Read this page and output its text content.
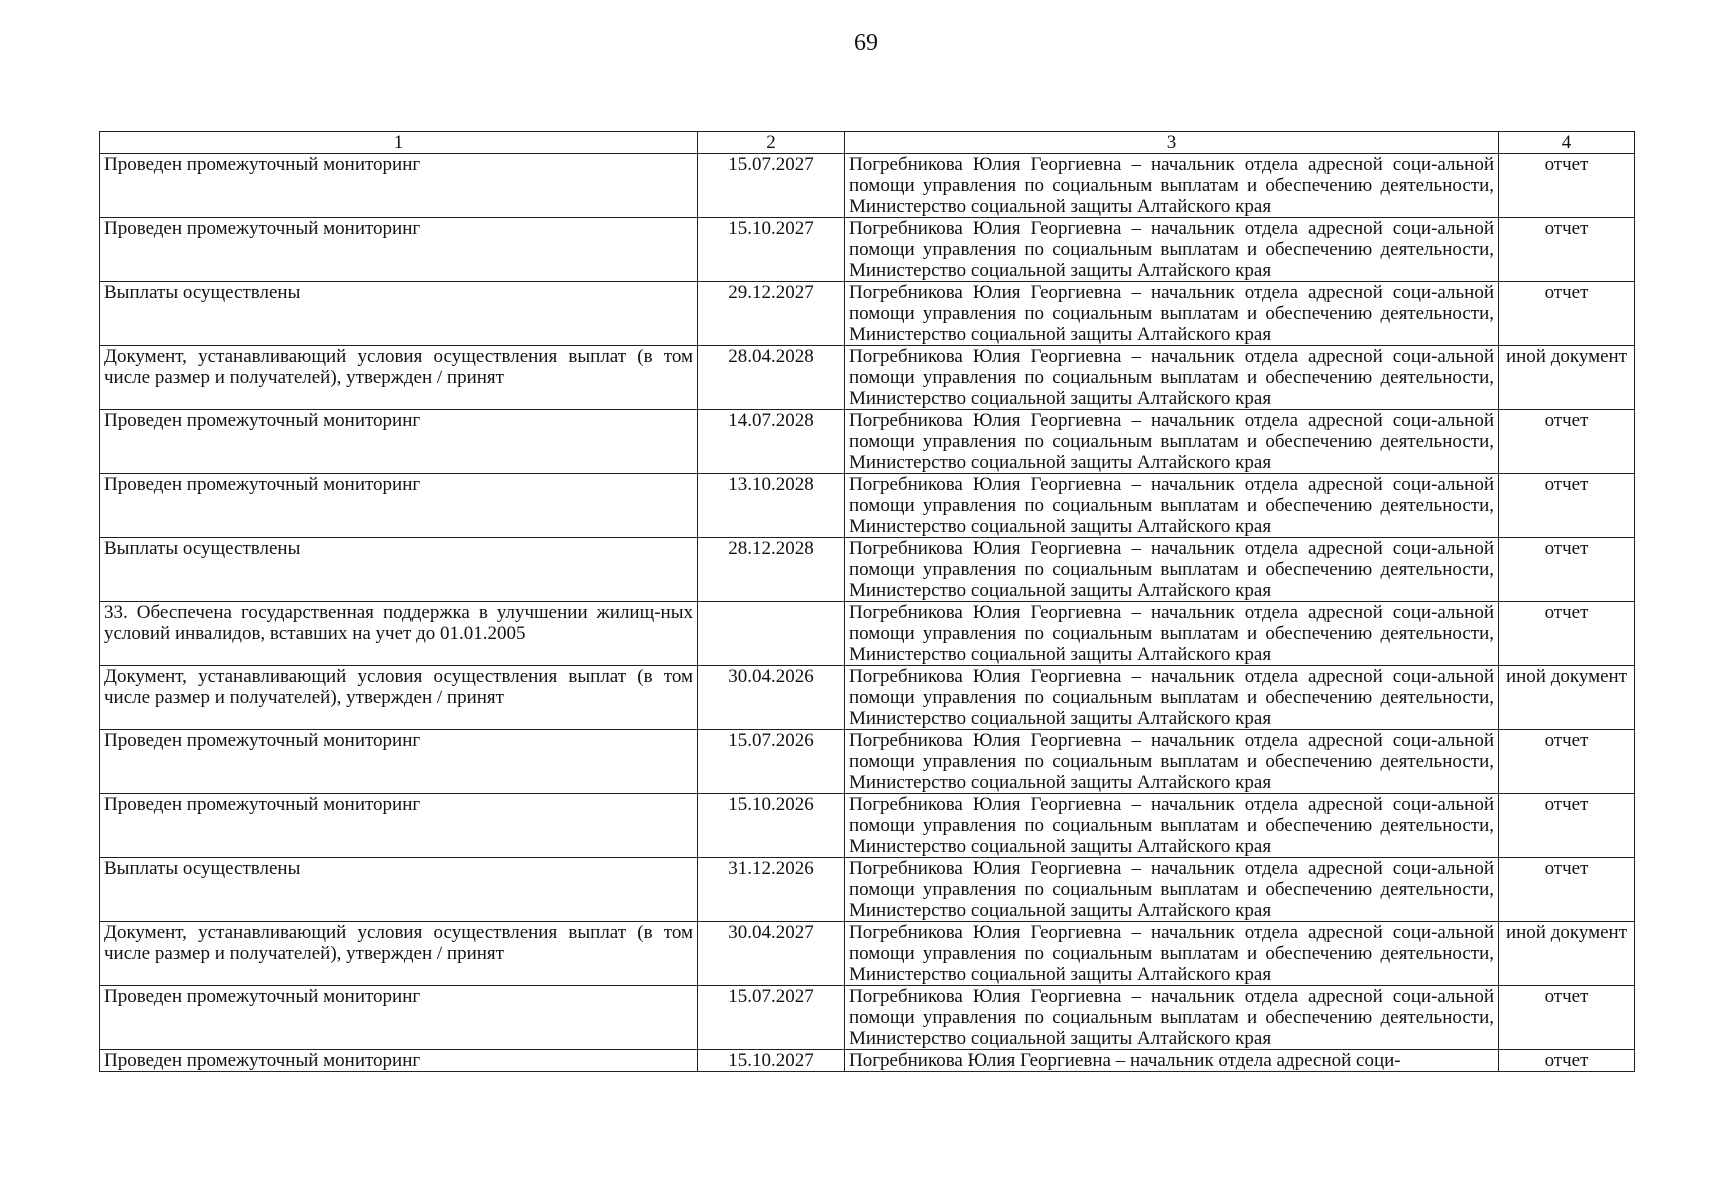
69
1	2	3	4
Проведен промежуточный мониторинг	15.07.2027	Погребникова Юлия Георгиевна – начальник отдела адресной соци-альной помощи управления по социальным выплатам и обеспечению деятельности, Министерство социальной защиты Алтайского края	отчет
Проведен промежуточный мониторинг	15.10.2027	Погребникова Юлия Георгиевна – начальник отдела адресной соци-альной помощи управления по социальным выплатам и обеспечению деятельности, Министерство социальной защиты Алтайского края	отчет
Выплаты осуществлены	29.12.2027	Погребникова Юлия Георгиевна – начальник отдела адресной соци-альной помощи управления по социальным выплатам и обеспечению деятельности, Министерство социальной защиты Алтайского края	отчет
Документ, устанавливающий условия осуществления выплат (в том числе размер и получателей), утвержден / принят	28.04.2028	Погребникова Юлия Георгиевна – начальник отдела адресной соци-альной помощи управления по социальным выплатам и обеспечению деятельности, Министерство социальной защиты Алтайского края	иной документ
Проведен промежуточный мониторинг	14.07.2028	Погребникова Юлия Георгиевна – начальник отдела адресной соци-альной помощи управления по социальным выплатам и обеспечению деятельности, Министерство социальной защиты Алтайского края	отчет
Проведен промежуточный мониторинг	13.10.2028	Погребникова Юлия Георгиевна – начальник отдела адресной соци-альной помощи управления по социальным выплатам и обеспечению деятельности, Министерство социальной защиты Алтайского края	отчет
Выплаты осуществлены	28.12.2028	Погребникова Юлия Георгиевна – начальник отдела адресной соци-альной помощи управления по социальным выплатам и обеспечению деятельности, Министерство социальной защиты Алтайского края	отчет
33. Обеспечена государственная поддержка в улучшении жилищ-ных условий инвалидов, вставших на учет до 01.01.2005		Погребникова Юлия Георгиевна – начальник отдела адресной соци-альной помощи управления по социальным выплатам и обеспечению деятельности, Министерство социальной защиты Алтайского края	отчет
Документ, устанавливающий условия осуществления выплат (в том числе размер и получателей), утвержден / принят	30.04.2026	Погребникова Юлия Георгиевна – начальник отдела адресной соци-альной помощи управления по социальным выплатам и обеспечению деятельности, Министерство социальной защиты Алтайского края	иной документ
Проведен промежуточный мониторинг	15.07.2026	Погребникова Юлия Георгиевна – начальник отдела адресной соци-альной помощи управления по социальным выплатам и обеспечению деятельности, Министерство социальной защиты Алтайского края	отчет
Проведен промежуточный мониторинг	15.10.2026	Погребникова Юлия Георгиевна – начальник отдела адресной соци-альной помощи управления по социальным выплатам и обеспечению деятельности, Министерство социальной защиты Алтайского края	отчет
Выплаты осуществлены	31.12.2026	Погребникова Юлия Георгиевна – начальник отдела адресной соци-альной помощи управления по социальным выплатам и обеспечению деятельности, Министерство социальной защиты Алтайского края	отчет
Документ, устанавливающий условия осуществления выплат (в том числе размер и получателей), утвержден / принят	30.04.2027	Погребникова Юлия Георгиевна – начальник отдела адресной соци-альной помощи управления по социальным выплатам и обеспечению деятельности, Министерство социальной защиты Алтайского края	иной документ
Проведен промежуточный мониторинг	15.07.2027	Погребникова Юлия Георгиевна – начальник отдела адресной соци-альной помощи управления по социальным выплатам и обеспечению деятельности, Министерство социальной защиты Алтайского края	отчет
Проведен промежуточный мониторинг	15.10.2027	Погребникова Юлия Георгиевна – начальник отдела адресной соци-	отчет
